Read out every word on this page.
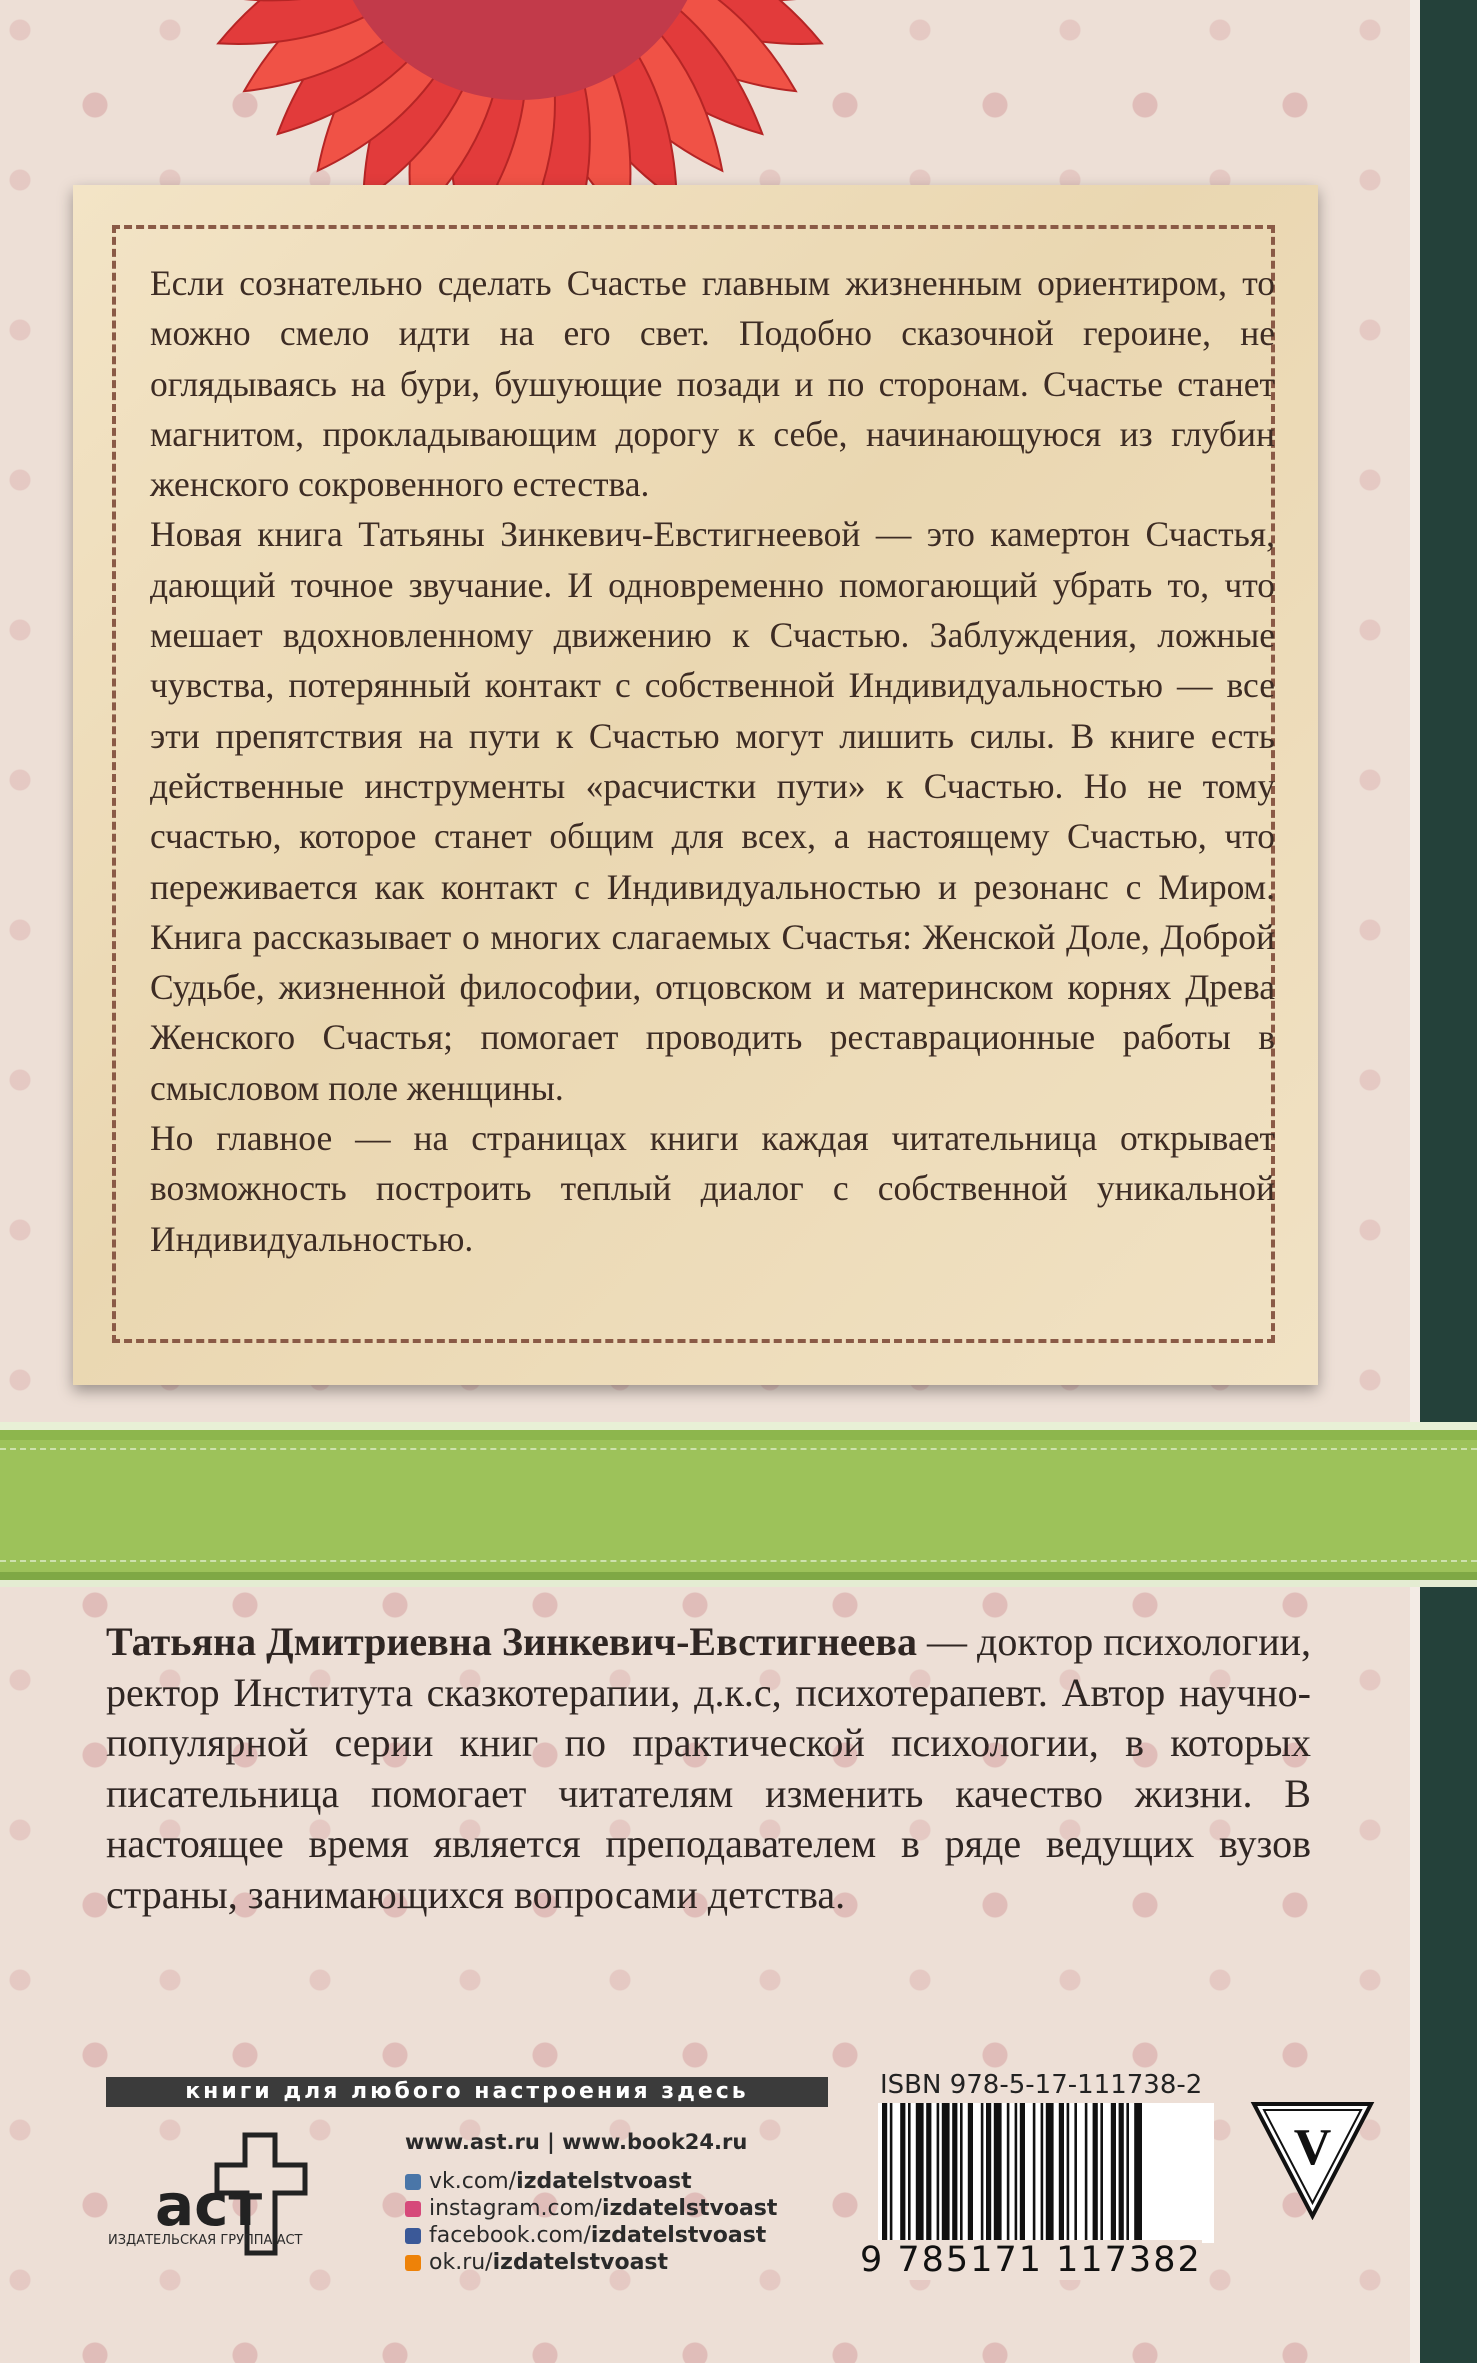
Если сознательно сделать Счастье главным жизненным ориентиром, то можно смело идти на его свет. Подобно сказочной героине, не оглядываясь на бури, бушующие позади и по сторонам. Счастье станет магнитом, прокладывающим дорогу к себе, начинающуюся из глубин женского сокровенного естества.

Новая книга Татьяны Зинкевич-Евстигнеевой — это камертон Счастья, дающий точное звучание. И одновременно помогающий убрать то, что мешает вдохновленному движению к Счастью. Заблуждения, ложные чувства, потерянный контакт с собственной Индивидуальностью — все эти препятствия на пути к Счастью могут лишить силы. В книге есть действенные инструменты «расчистки пути» к Счастью. Но не тому счастью, которое станет общим для всех, а настоящему Счастью, что переживается как контакт с Индивидуальностью и резонанс с Миром. Книга рассказывает о многих слагаемых Счастья: Женской Доле, Доброй Судьбе, жизненной философии, отцовском и материнском корнях Древа Женского Счастья; помогает проводить реставрационные работы в смысловом поле женщины.

Но главное — на страницах книги каждая читательница открывает возможность построить теплый диалог с собственной уникальной Индивидуальностью.

Татьяна Дмитриевна Зинкевич-Евстигнеева — доктор психологии, ректор Института сказкотерапии, д.к.с, психотерапевт. Автор научно-популярной серии книг по практической психологии, в которых писательница помогает читателям изменить качество жизни. В настоящее время является преподавателем в ряде ведущих вузов страны, занимающихся вопросами детства.
книги для любого настроения здесь
аст
ИЗДАТЕЛЬСКАЯ ГРУППА АСТ
www.ast.ru | www.book24.ru
vk.com/ izdatelstvoast
instagram.com/ izdatelstvoast
facebook.com/ izdatelstvoast
ok.ru/ izdatelstvoast
ISBN 978-5-17-111738-2
9 785171 117382
V
